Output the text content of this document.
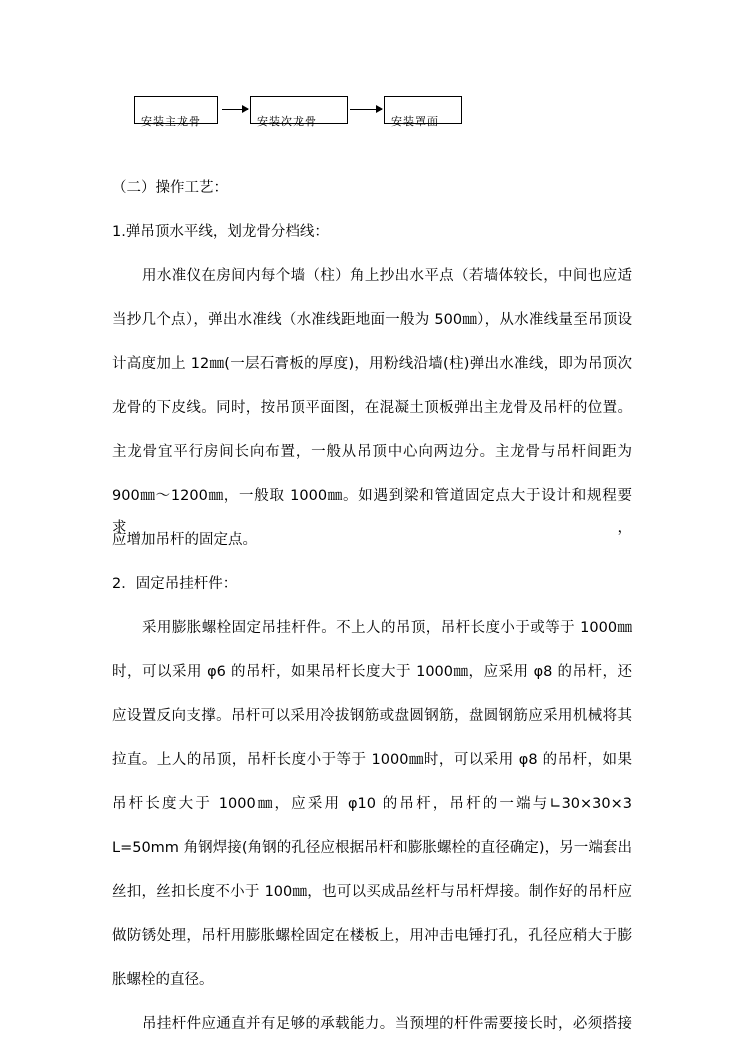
安装主龙骨	安装次龙骨	安装罩面
（二）操作工艺：
1.弹吊顶水平线，划龙骨分档线：
用水准仪在房间内每个墙（柱）角上抄出水平点（若墙体较长，中间也应适
当抄几个点），弹出水准线（水准线距地面一般为 500㎜），从水准线量至吊顶设
计高度加上 12㎜(一层石膏板的厚度)，用粉线沿墙(柱)弹出水准线，即为吊顶次
龙骨的下皮线。同时，按吊顶平面图，在混凝土顶板弹出主龙骨及吊杆的位置。
主龙骨宜平行房间长向布置，一般从吊顶中心向两边分。主龙骨与吊杆间距为
900㎜～1200㎜，一般取 1000㎜。如遇到梁和管道固定点大于设计和规程要求，
应增加吊杆的固定点。
2．固定吊挂杆件：
采用膨胀螺栓固定吊挂杆件。不上人的吊顶，吊杆长度小于或等于 1000㎜
时，可以采用 φ6 的吊杆，如果吊杆长度大于 1000㎜，应采用 φ8 的吊杆，还
应设置反向支撑。吊杆可以采用冷拔钢筋或盘圆钢筋，盘圆钢筋应采用机械将其
拉直。上人的吊顶，吊杆长度小于等于 1000㎜时，可以采用 φ8 的吊杆，如果
吊杆长度大于 1000㎜，应采用 φ10 的吊杆，吊杆的一端与∟30×30×3
L=50mm 角钢焊接(角钢的孔径应根据吊杆和膨胀螺栓的直径确定)，另一端套出
丝扣，丝扣长度不小于 100㎜，也可以买成品丝杆与吊杆焊接。制作好的吊杆应
做防锈处理，吊杆用膨胀螺栓固定在楼板上，用冲击电锤打孔，孔径应稍大于膨
胀螺栓的直径。
吊挂杆件应通直并有足够的承载能力。当预埋的杆件需要接长时，必须搭接
